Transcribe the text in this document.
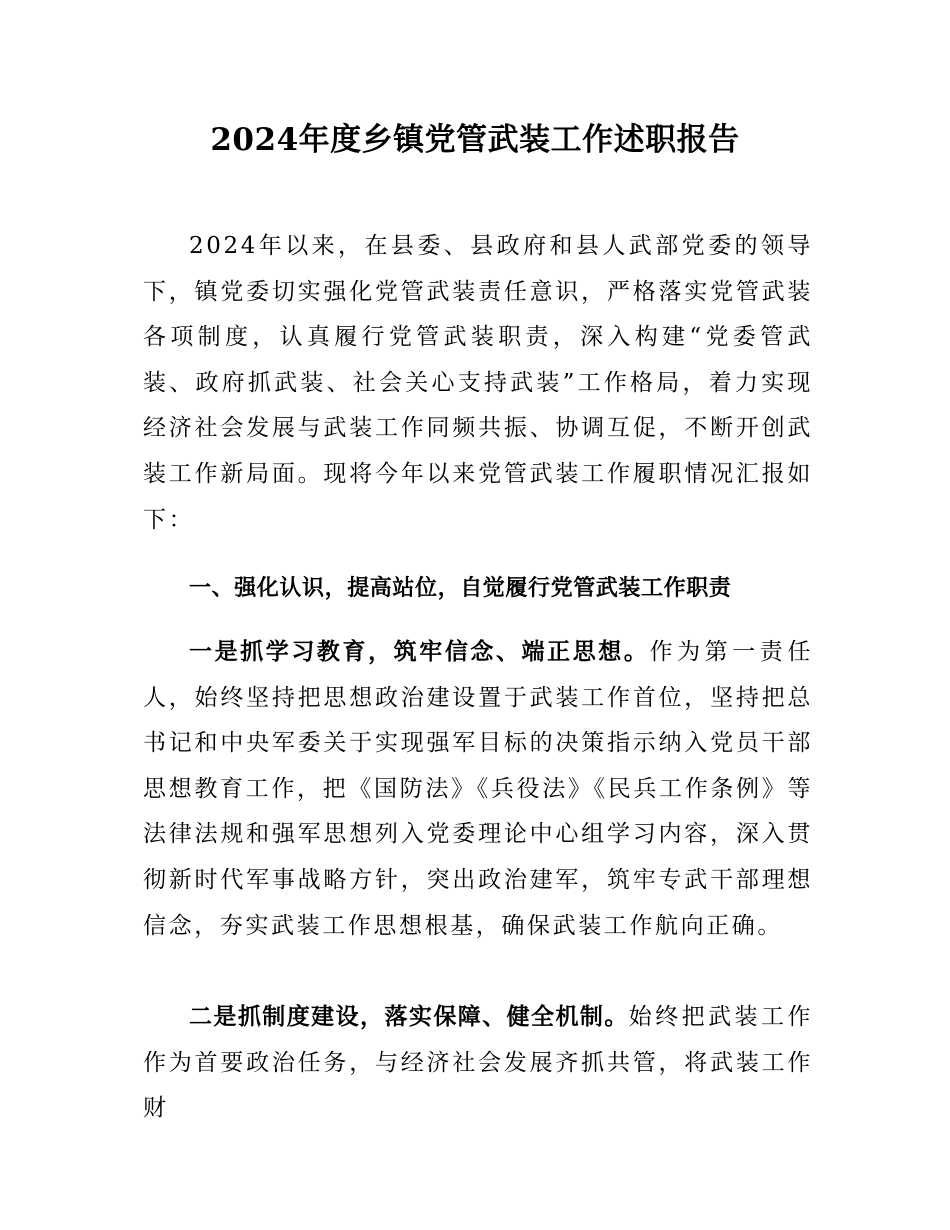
2024年度乡镇党管武装工作述职报告

2024年以来，在县委、县政府和县人武部党委的领导下，镇党委切实强化党管武装责任意识，严格落实党管武装各项制度，认真履行党管武装职责，深入构建“党委管武装、政府抓武装、社会关心支持武装”工作格局，着力实现经济社会发展与武装工作同频共振、协调互促，不断开创武装工作新局面。现将今年以来党管武装工作履职情况汇报如下：

一、强化认识，提高站位，自觉履行党管武装工作职责

一是抓学习教育，筑牢信念、端正思想。作为第一责任人，始终坚持把思想政治建设置于武装工作首位，坚持把总书记和中央军委关于实现强军目标的决策指示纳入党员干部思想教育工作，把《国防法》《兵役法》《民兵工作条例》等法律法规和强军思想列入党委理论中心组学习内容，深入贯彻新时代军事战略方针，突出政治建军，筑牢专武干部理想信念，夯实武装工作思想根基，确保武装工作航向正确。

二是抓制度建设，落实保障、健全机制。始终把武装工作作为首要政治任务，与经济社会发展齐抓共管，将武装工作财
